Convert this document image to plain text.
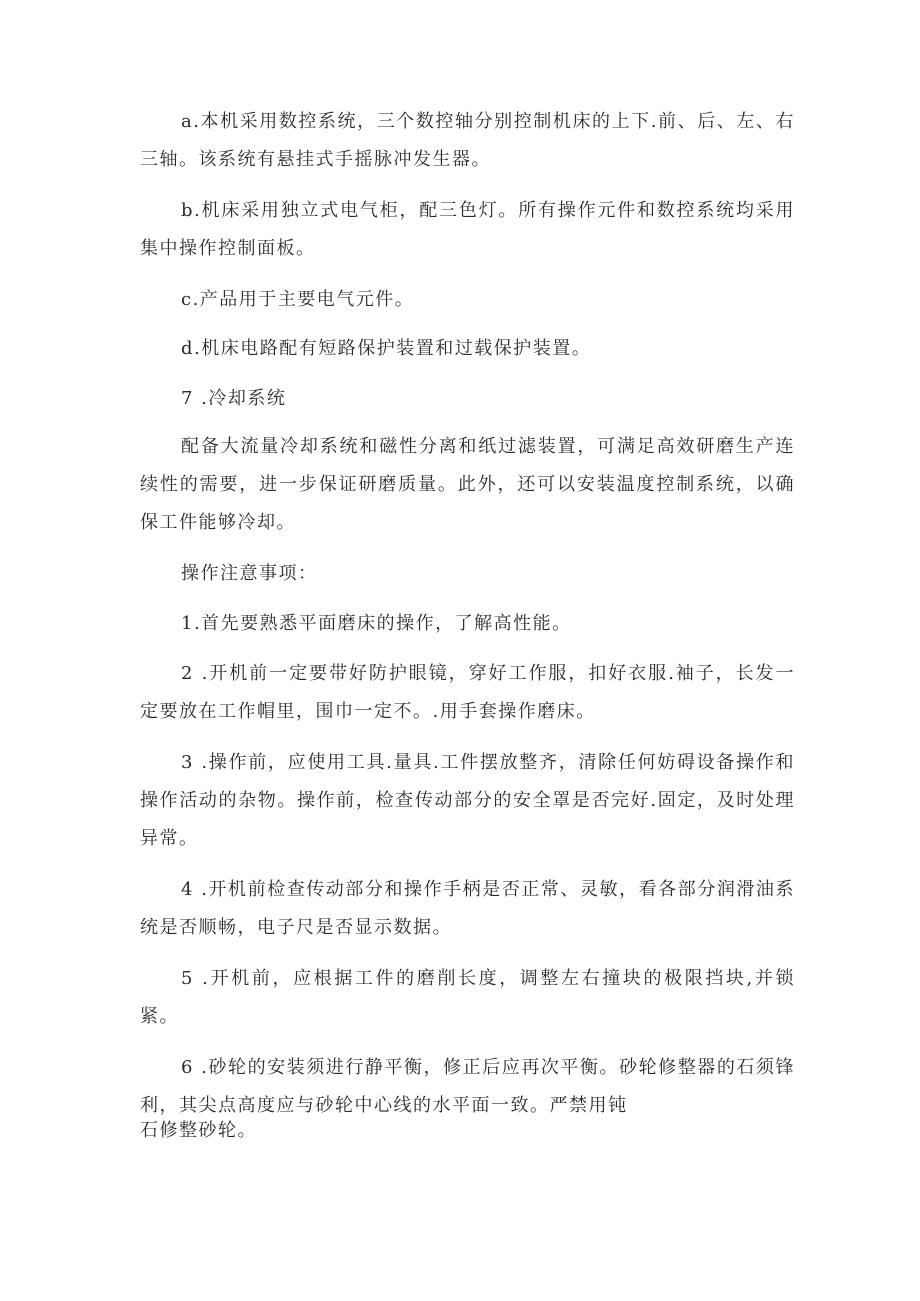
a.本机采用数控系统，三个数控轴分别控制机床的上下.前、后、左、右三轴。该系统有悬挂式手摇脉冲发生器。

b.机床采用独立式电气柜，配三色灯。所有操作元件和数控系统均采用集中操作控制面板。

c.产品用于主要电气元件。

d.机床电路配有短路保护装置和过载保护装置。

7 .冷却系统

配备大流量冷却系统和磁性分离和纸过滤装置，可满足高效研磨生产连续性的需要，进一步保证研磨质量。此外，还可以安装温度控制系统，以确保工件能够冷却。

操作注意事项：

1.首先要熟悉平面磨床的操作，了解高性能。

2 .开机前一定要带好防护眼镜，穿好工作服，扣好衣服.袖子，长发一定要放在工作帽里，围巾一定不。.用手套操作磨床。

3 .操作前，应使用工具.量具.工件摆放整齐，清除任何妨碍设备操作和操作活动的杂物。操作前，检查传动部分的安全罩是否完好.固定，及时处理异常。

4 .开机前检查传动部分和操作手柄是否正常、灵敏，看各部分润滑油系统是否顺畅，电子尺是否显示数据。

5 .开机前，应根据工件的磨削长度，调整左右撞块的极限挡块,并锁紧。

6 .砂轮的安装须进行静平衡，修正后应再次平衡。砂轮修整器的石须锋利，其尖点高度应与砂轮中心线的水平面一致。严禁用钝

石修整砂轮。
